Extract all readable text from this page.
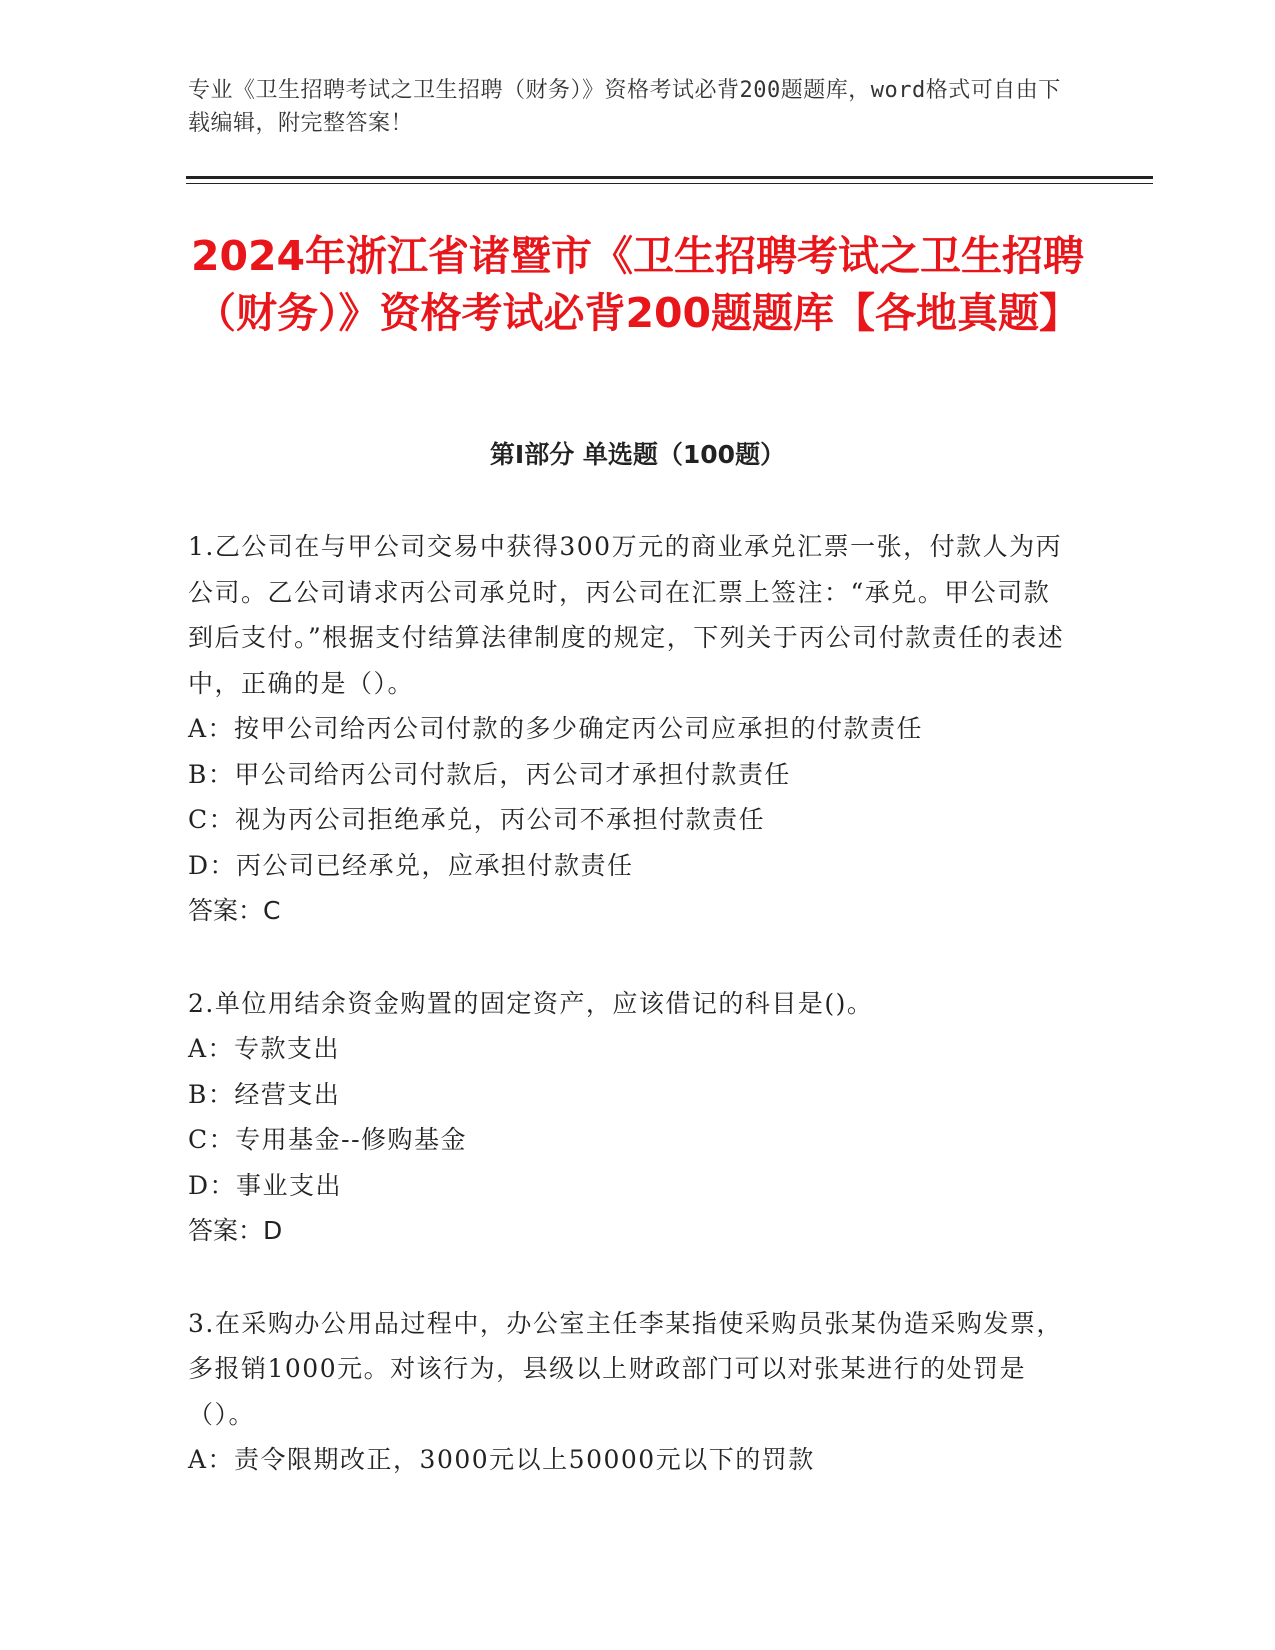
专业《卫生招聘考试之卫生招聘（财务）》资格考试必背200题题库，word格式可自由下载编辑，附完整答案！
2024年浙江省诸暨市《卫生招聘考试之卫生招聘（财务）》资格考试必背200题题库【各地真题】
第Ⅰ部分 单选题（100题）

1.乙公司在与甲公司交易中获得300万元的商业承兑汇票一张，付款人为丙公司。乙公司请求丙公司承兑时，丙公司在汇票上签注：“承兑。甲公司款到后支付。”根据支付结算法律制度的规定，下列关于丙公司付款责任的表述中，正确的是（）。

A：按甲公司给丙公司付款的多少确定丙公司应承担的付款责任

B：甲公司给丙公司付款后，丙公司才承担付款责任

C：视为丙公司拒绝承兑，丙公司不承担付款责任

D：丙公司已经承兑，应承担付款责任

答案：C

2.单位用结余资金购置的固定资产，应该借记的科目是()。

A：专款支出

B：经营支出

C：专用基金--修购基金

D：事业支出

答案：D

3.在采购办公用品过程中，办公室主任李某指使采购员张某伪造采购发票，多报销1000元。对该行为，县级以上财政部门可以对张某进行的处罚是（）。

A：责令限期改正，3000元以上50000元以下的罚款
